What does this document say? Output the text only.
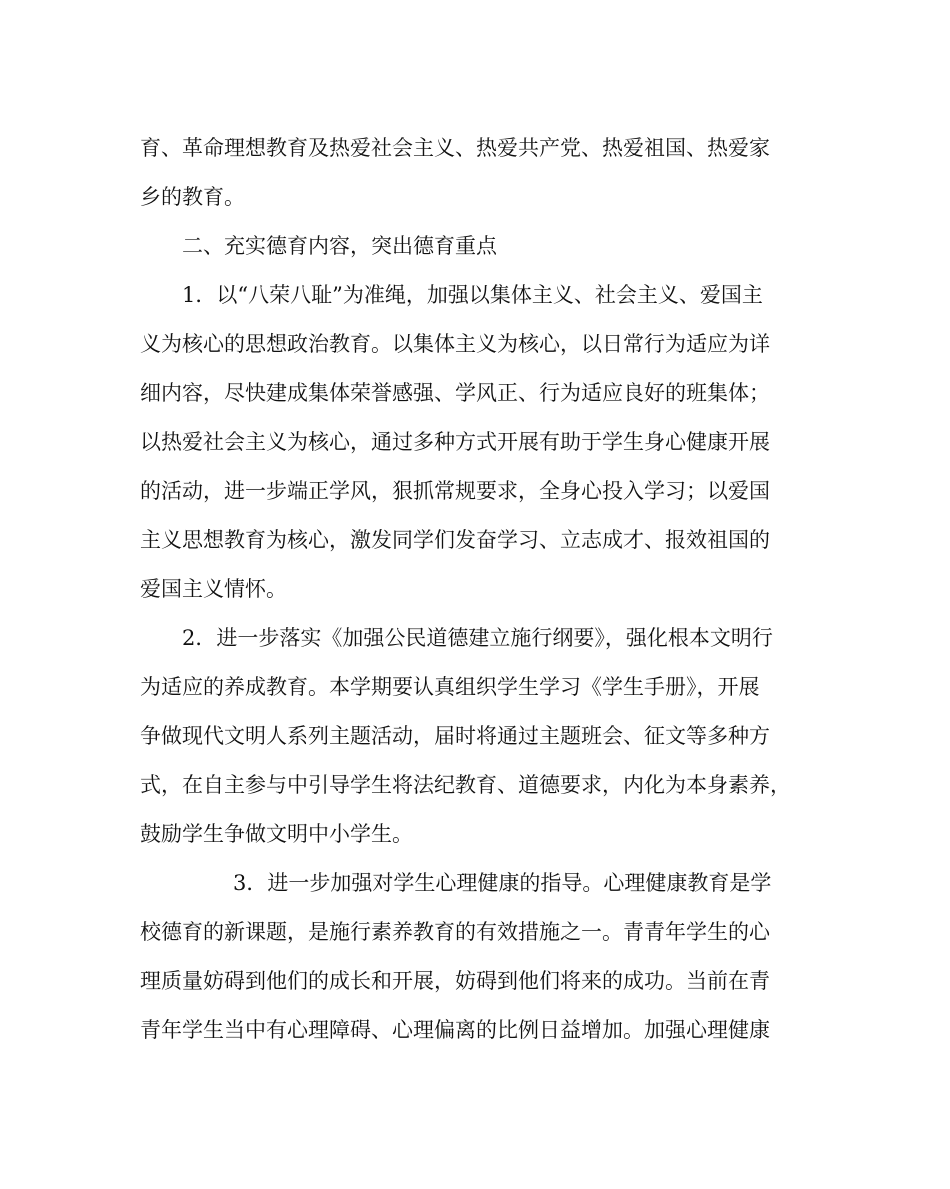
育、革命理想教育及热爱社会主义、热爱共产党、热爱祖国、热爱家
乡的教育。
二、充实德育内容，突出德育重点
1．以“八荣八耻”为准绳，加强以集体主义、社会主义、爱国主
义为核心的思想政治教育。以集体主义为核心，以日常行为适应为详
细内容，尽快建成集体荣誉感强、学风正、行为适应良好的班集体；
以热爱社会主义为核心，通过多种方式开展有助于学生身心健康开展
的活动，进一步端正学风，狠抓常规要求，全身心投入学习；以爱国
主义思想教育为核心，激发同学们发奋学习、立志成才、报效祖国的
爱国主义情怀。
2．进一步落实《加强公民道德建立施行纲要》，强化根本文明行
为适应的养成教育。本学期要认真组织学生学习《学生手册》，开展
争做现代文明人系列主题活动，届时将通过主题班会、征文等多种方
式，在自主参与中引导学生将法纪教育、道德要求，内化为本身素养，
鼓励学生争做文明中小学生。
3．进一步加强对学生心理健康的指导。心理健康教育是学
校德育的新课题，是施行素养教育的有效措施之一。青青年学生的心
理质量妨碍到他们的成长和开展，妨碍到他们将来的成功。当前在青
青年学生当中有心理障碍、心理偏离的比例日益增加。加强心理健康
